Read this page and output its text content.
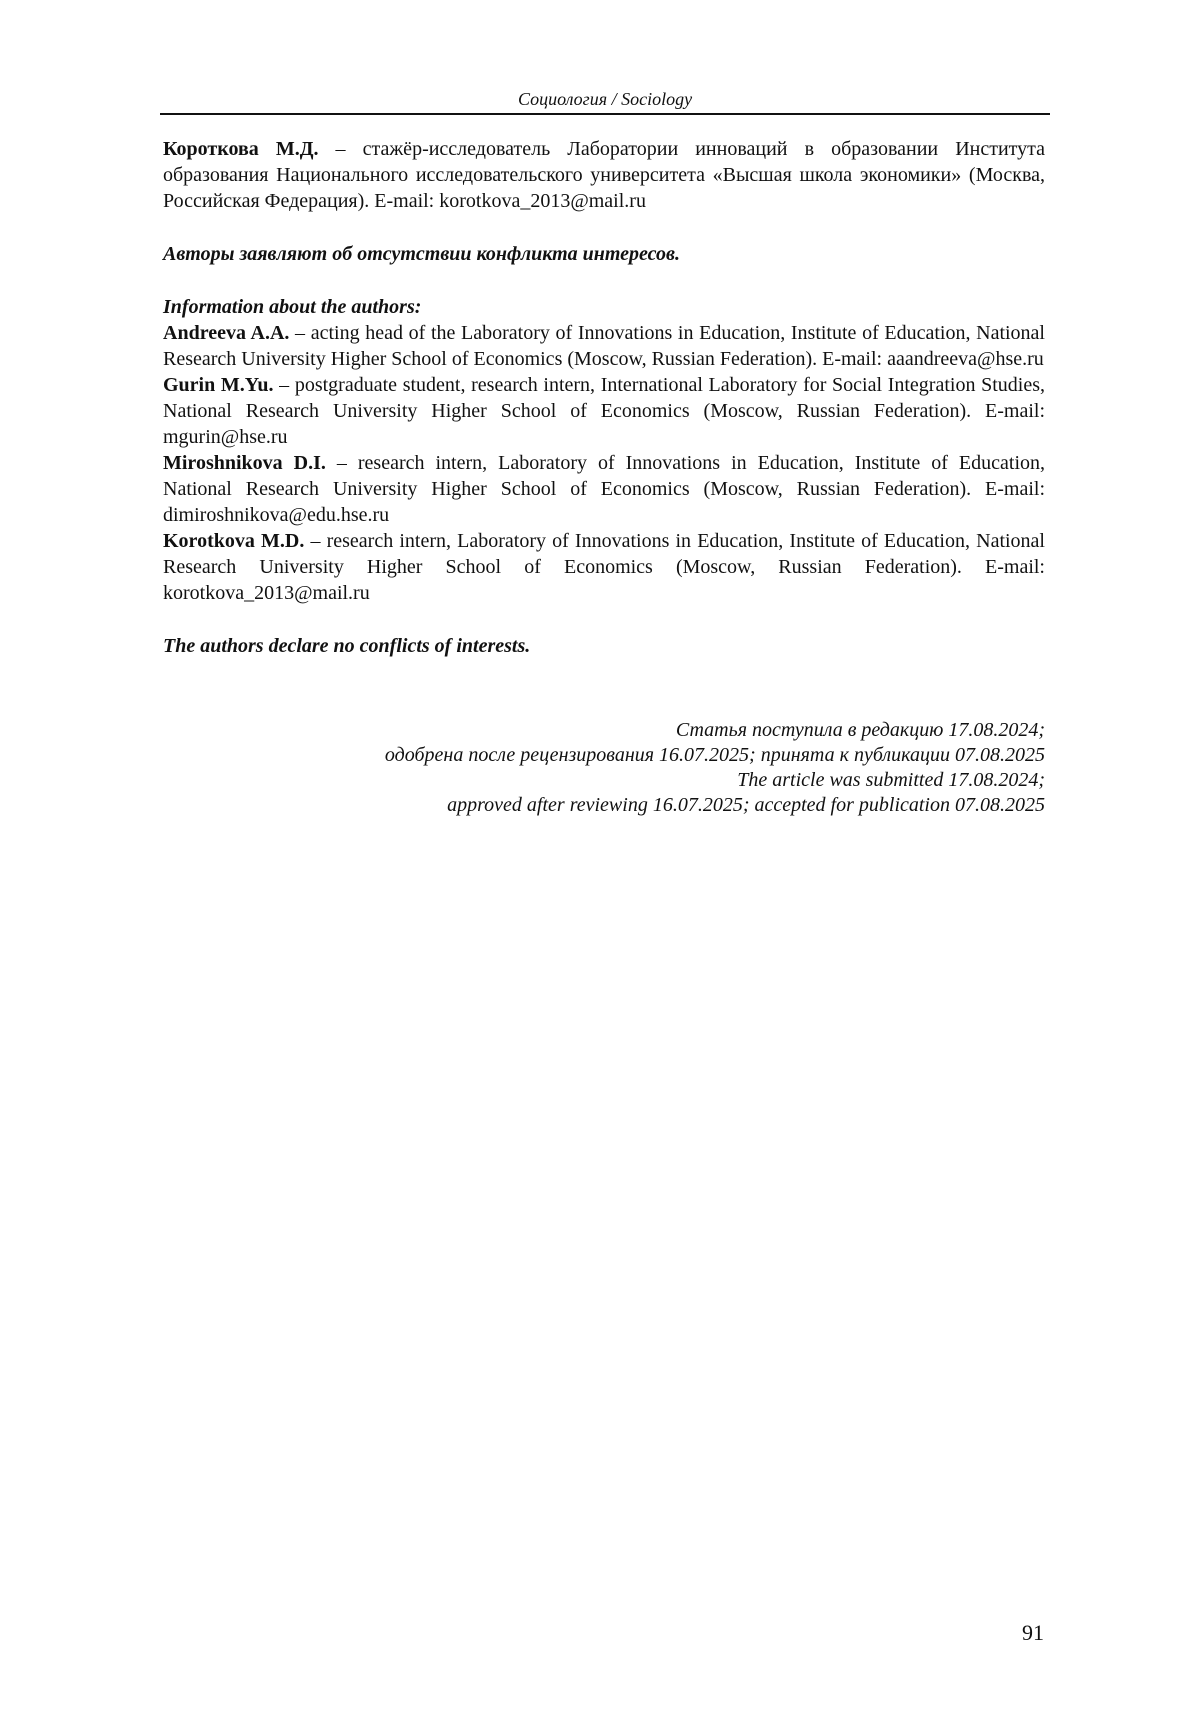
Социология / Sociology

Короткова М.Д. – стажёр-исследователь Лаборатории инноваций в образовании Института образования Национального исследовательского университета «Высшая школа экономики» (Москва, Российская Федерация). E-mail: korotkova_2013@mail.ru

Авторы заявляют об отсутствии конфликта интересов.

Information about the authors:

Andreeva A.A. – acting head of the Laboratory of Innovations in Education, Institute of Education, National Research University Higher School of Economics (Moscow, Russian Federation). E-mail: aaandreeva@hse.ru

Gurin M.Yu. – postgraduate student, research intern, International Laboratory for Social Integration Studies, National Research University Higher School of Economics (Moscow, Russian Federation). E-mail: mgurin@hse.ru

Miroshnikova D.I. – research intern, Laboratory of Innovations in Education, Institute of Education, National Research University Higher School of Economics (Moscow, Russian Federation). E-mail: dimiroshnikova@edu.hse.ru

Korotkova M.D. – research intern, Laboratory of Innovations in Education, Institute of Education, National Research University Higher School of Economics (Moscow, Russian Federation). E-mail: korotkova_2013@mail.ru

The authors declare no conflicts of interests.

Статья поступила в редакцию 17.08.2024;
одобрена после рецензирования 16.07.2025; принята к публикации 07.08.2025
The article was submitted 17.08.2024;
approved after reviewing 16.07.2025; accepted for publication 07.08.2025
91
